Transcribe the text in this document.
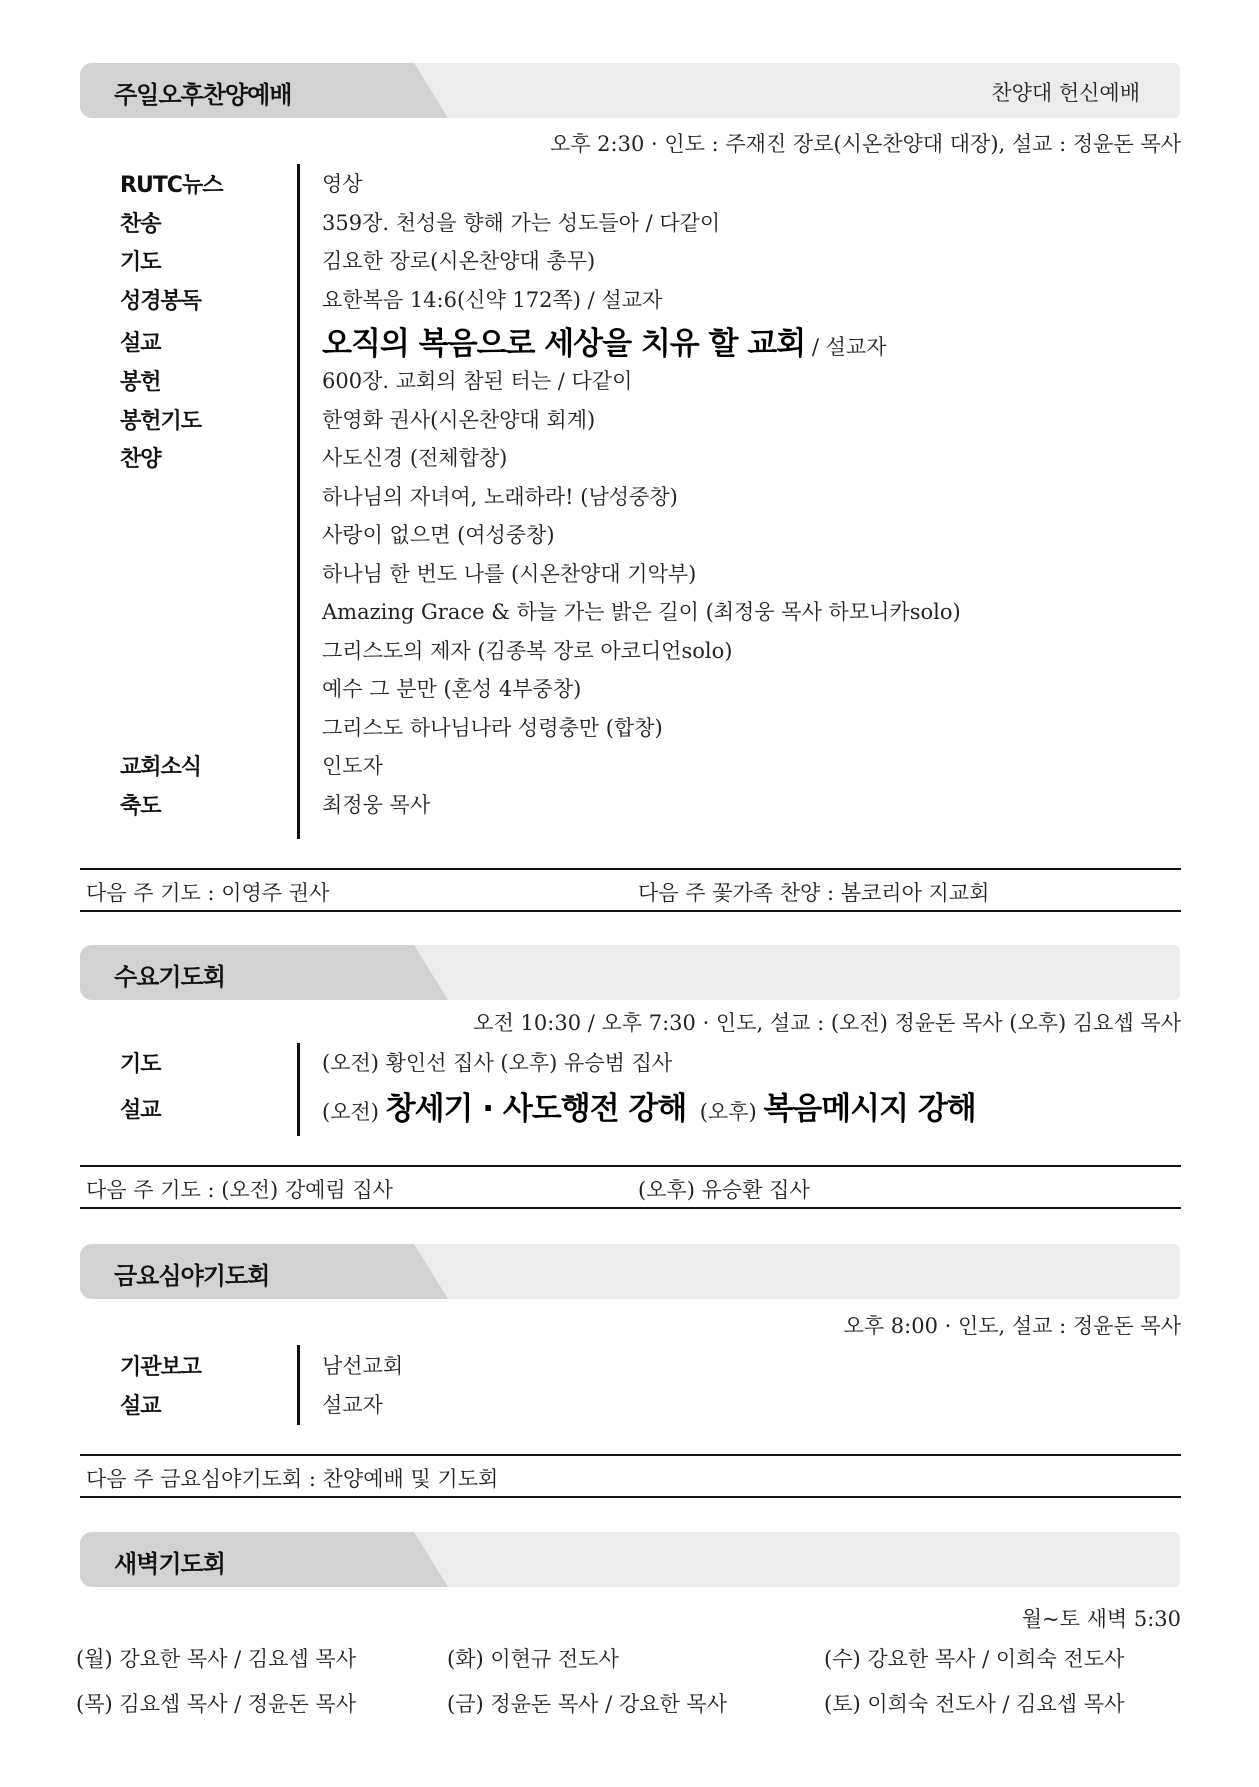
주일오후찬양예배	찬양대 헌신예배
오후 2:30 · 인도 : 주재진 장로(시온찬양대 대장), 설교 : 정윤돈 목사
RUTC뉴스	영상
찬송	359장. 천성을 향해 가는 성도들아 / 다같이
기도	김요한 장로(시온찬양대 총무)
성경봉독	요한복음 14:6(신약 172쪽) / 설교자
설교	오직의 복음으로 세상을 치유 할 교회 / 설교자
봉헌	600장. 교회의 참된 터는 / 다같이
봉헌기도	한영화 권사(시온찬양대 회계)
찬양	사도신경 (전체합창)
하나님의 자녀여, 노래하라! (남성중창)
사랑이 없으면 (여성중창)
하나님 한 번도 나를 (시온찬양대 기악부)
Amazing Grace & 하늘 가는 밝은 길이 (최정웅 목사 하모니카solo)
그리스도의 제자 (김종복 장로 아코디언solo)
예수 그 분만 (혼성 4부중창)
그리스도 하나님나라 성령충만 (합창)
교회소식	인도자
축도	최정웅 목사
다음 주 기도 : 이영주 권사	다음 주 꽃가족 찬양 : 봄코리아 지교회
수요기도회
오전 10:30 / 오후 7:30 · 인도, 설교 : (오전) 정윤돈 목사 (오후) 김요셉 목사
기도	(오전) 황인선 집사 (오후) 유승범 집사
설교	(오전) 창세기 · 사도행전 강해 (오후) 복음메시지 강해
다음 주 기도 : (오전) 강예림 집사	(오후) 유승환 집사
금요심야기도회
오후 8:00 · 인도, 설교 : 정윤돈 목사
기관보고	남선교회
설교	설교자
다음 주 금요심야기도회 : 찬양예배 및 기도회
새벽기도회
월~토 새벽 5:30
(월) 강요한 목사 / 김요셉 목사	(화) 이현규 전도사	(수) 강요한 목사 / 이희숙 전도사
(목) 김요셉 목사 / 정윤돈 목사	(금) 정윤돈 목사 / 강요한 목사	(토) 이희숙 전도사 / 김요셉 목사
